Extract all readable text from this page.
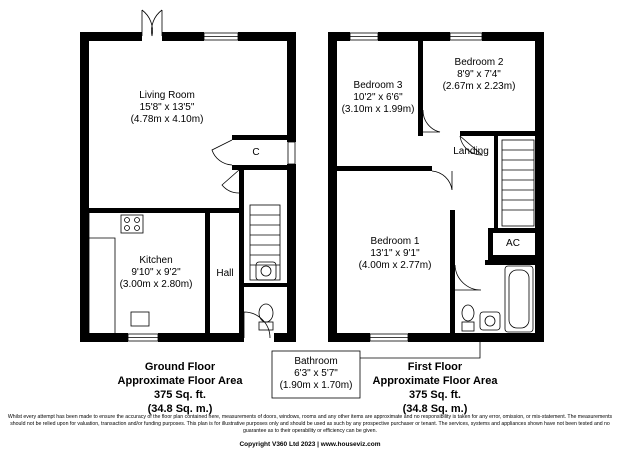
Living Room
15'8" x 13'5"
(4.78m x 4.10m)
C
Kitchen
9'10" x 9'2"
(3.00m x 2.80m)
Hall
Bedroom 3
10'2" x 6'6"
(3.10m x 1.99m)
Bedroom 2
8'9" x 7'4"
(2.67m x 2.23m)
Landing
Bedroom 1
13'1" x 9'1"
(4.00m x 2.77m)
AC
Bathroom
6'3" x 5'7"
(1.90m x 1.70m)
Ground Floor
Approximate Floor Area
375 Sq. ft.
(34.8 Sq. m.)
First Floor
Approximate Floor Area
375 Sq. ft.
(34.8 Sq. m.)
Whilst every attempt has been made to ensure the accuracy of the floor plan contained here, measurements of doors, windows, rooms and any other items are approximate and no responsibility is taken for any error, omission, or mis-statement. The measurements should not be relied upon for valuation, transaction and/or funding purposes. This plan is for illustrative purposes only and should be used as such by any prospective purchaser or tenant. The services, systems and appliances shown have not been tested and no guarantee as to their operability or efficiency can be given.
Copyright V360 Ltd 2023 | www.houseviz.com
